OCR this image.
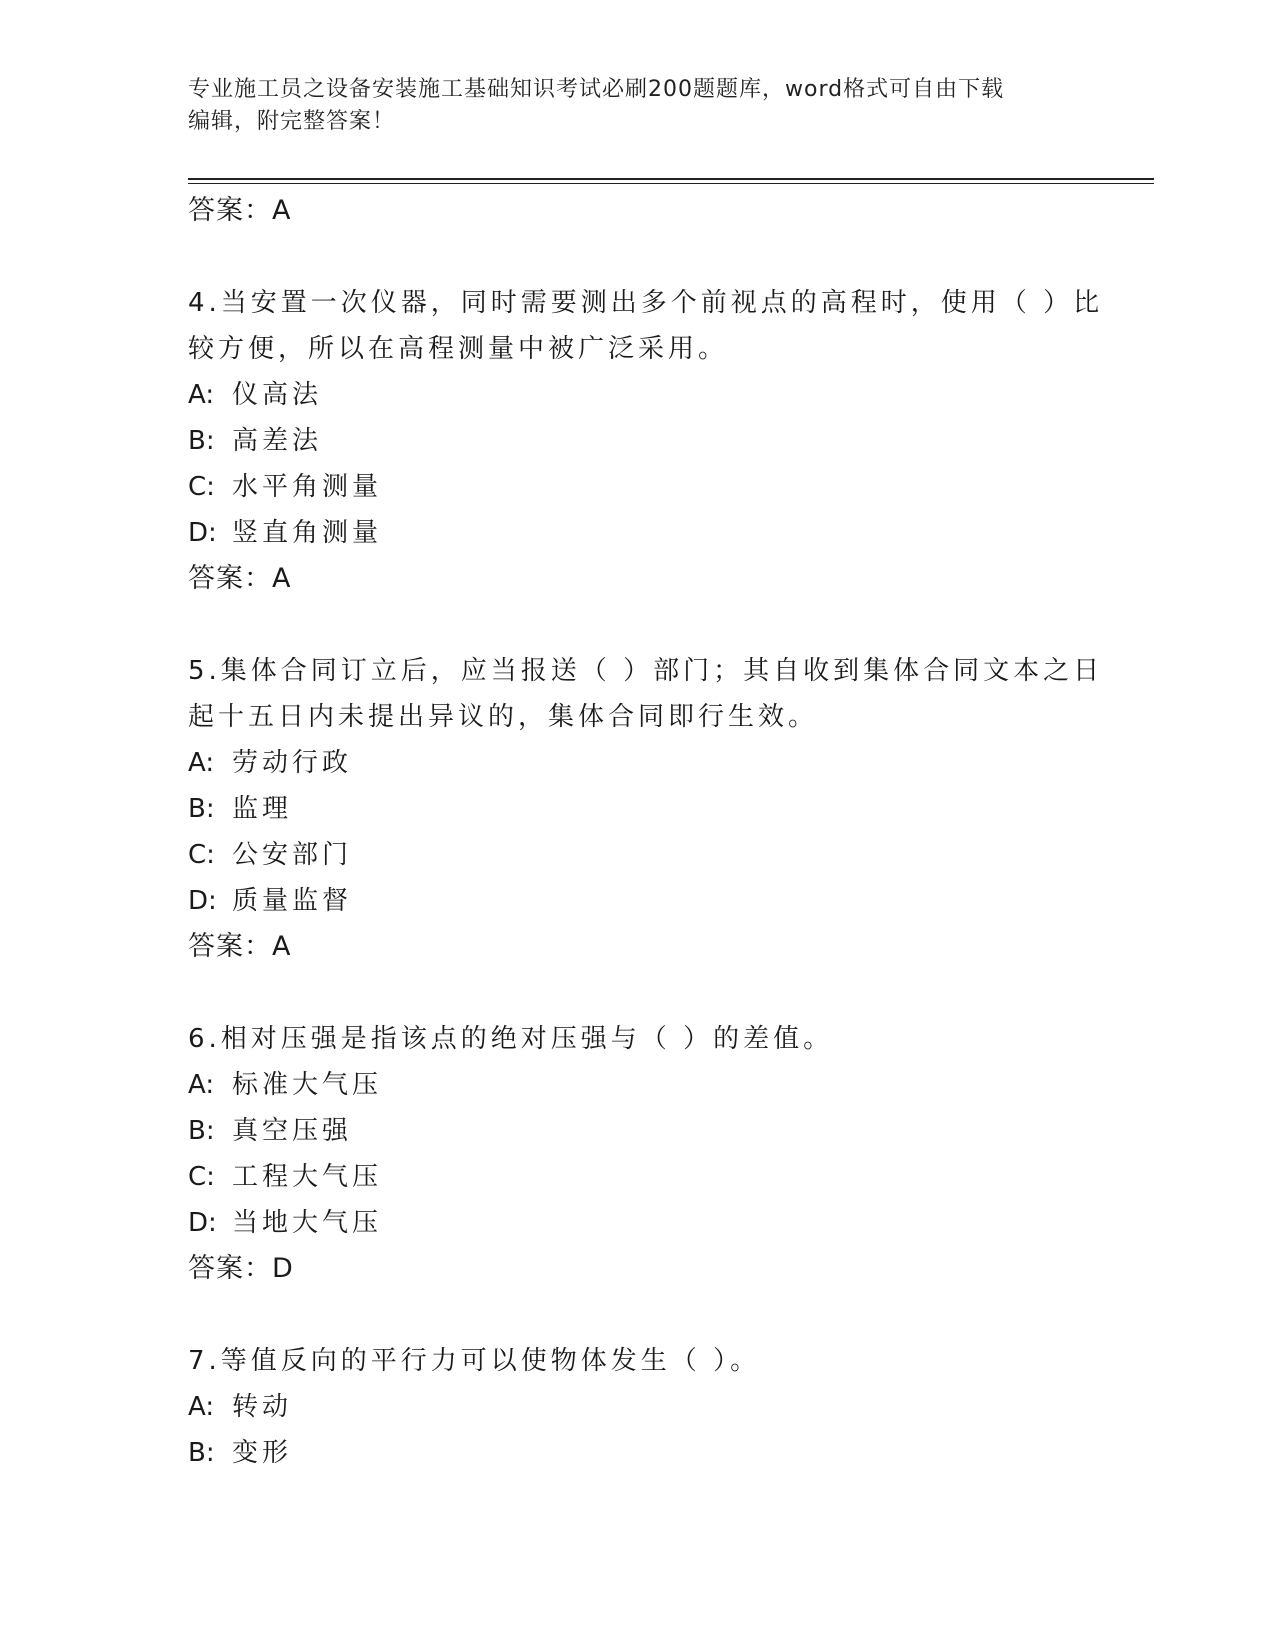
专业施工员之设备安装施工基础知识考试必刷200题题库，word格式可自由下载
编辑，附完整答案！
答案：A
4.当安置一次仪器，同时需要测出多个前视点的高程时，使用（ ）比
较方便，所以在高程测量中被广泛采用。
A: 仪高法
B: 高差法
C: 水平角测量
D: 竖直角测量
答案：A
5.集体合同订立后，应当报送（ ）部门；其自收到集体合同文本之日
起十五日内未提出异议的，集体合同即行生效。
A: 劳动行政
B: 监理
C: 公安部门
D: 质量监督
答案：A
6.相对压强是指该点的绝对压强与（ ）的差值。
A: 标准大气压
B: 真空压强
C: 工程大气压
D: 当地大气压
答案：D
7.等值反向的平行力可以使物体发生（ ）。
A: 转动
B: 变形
